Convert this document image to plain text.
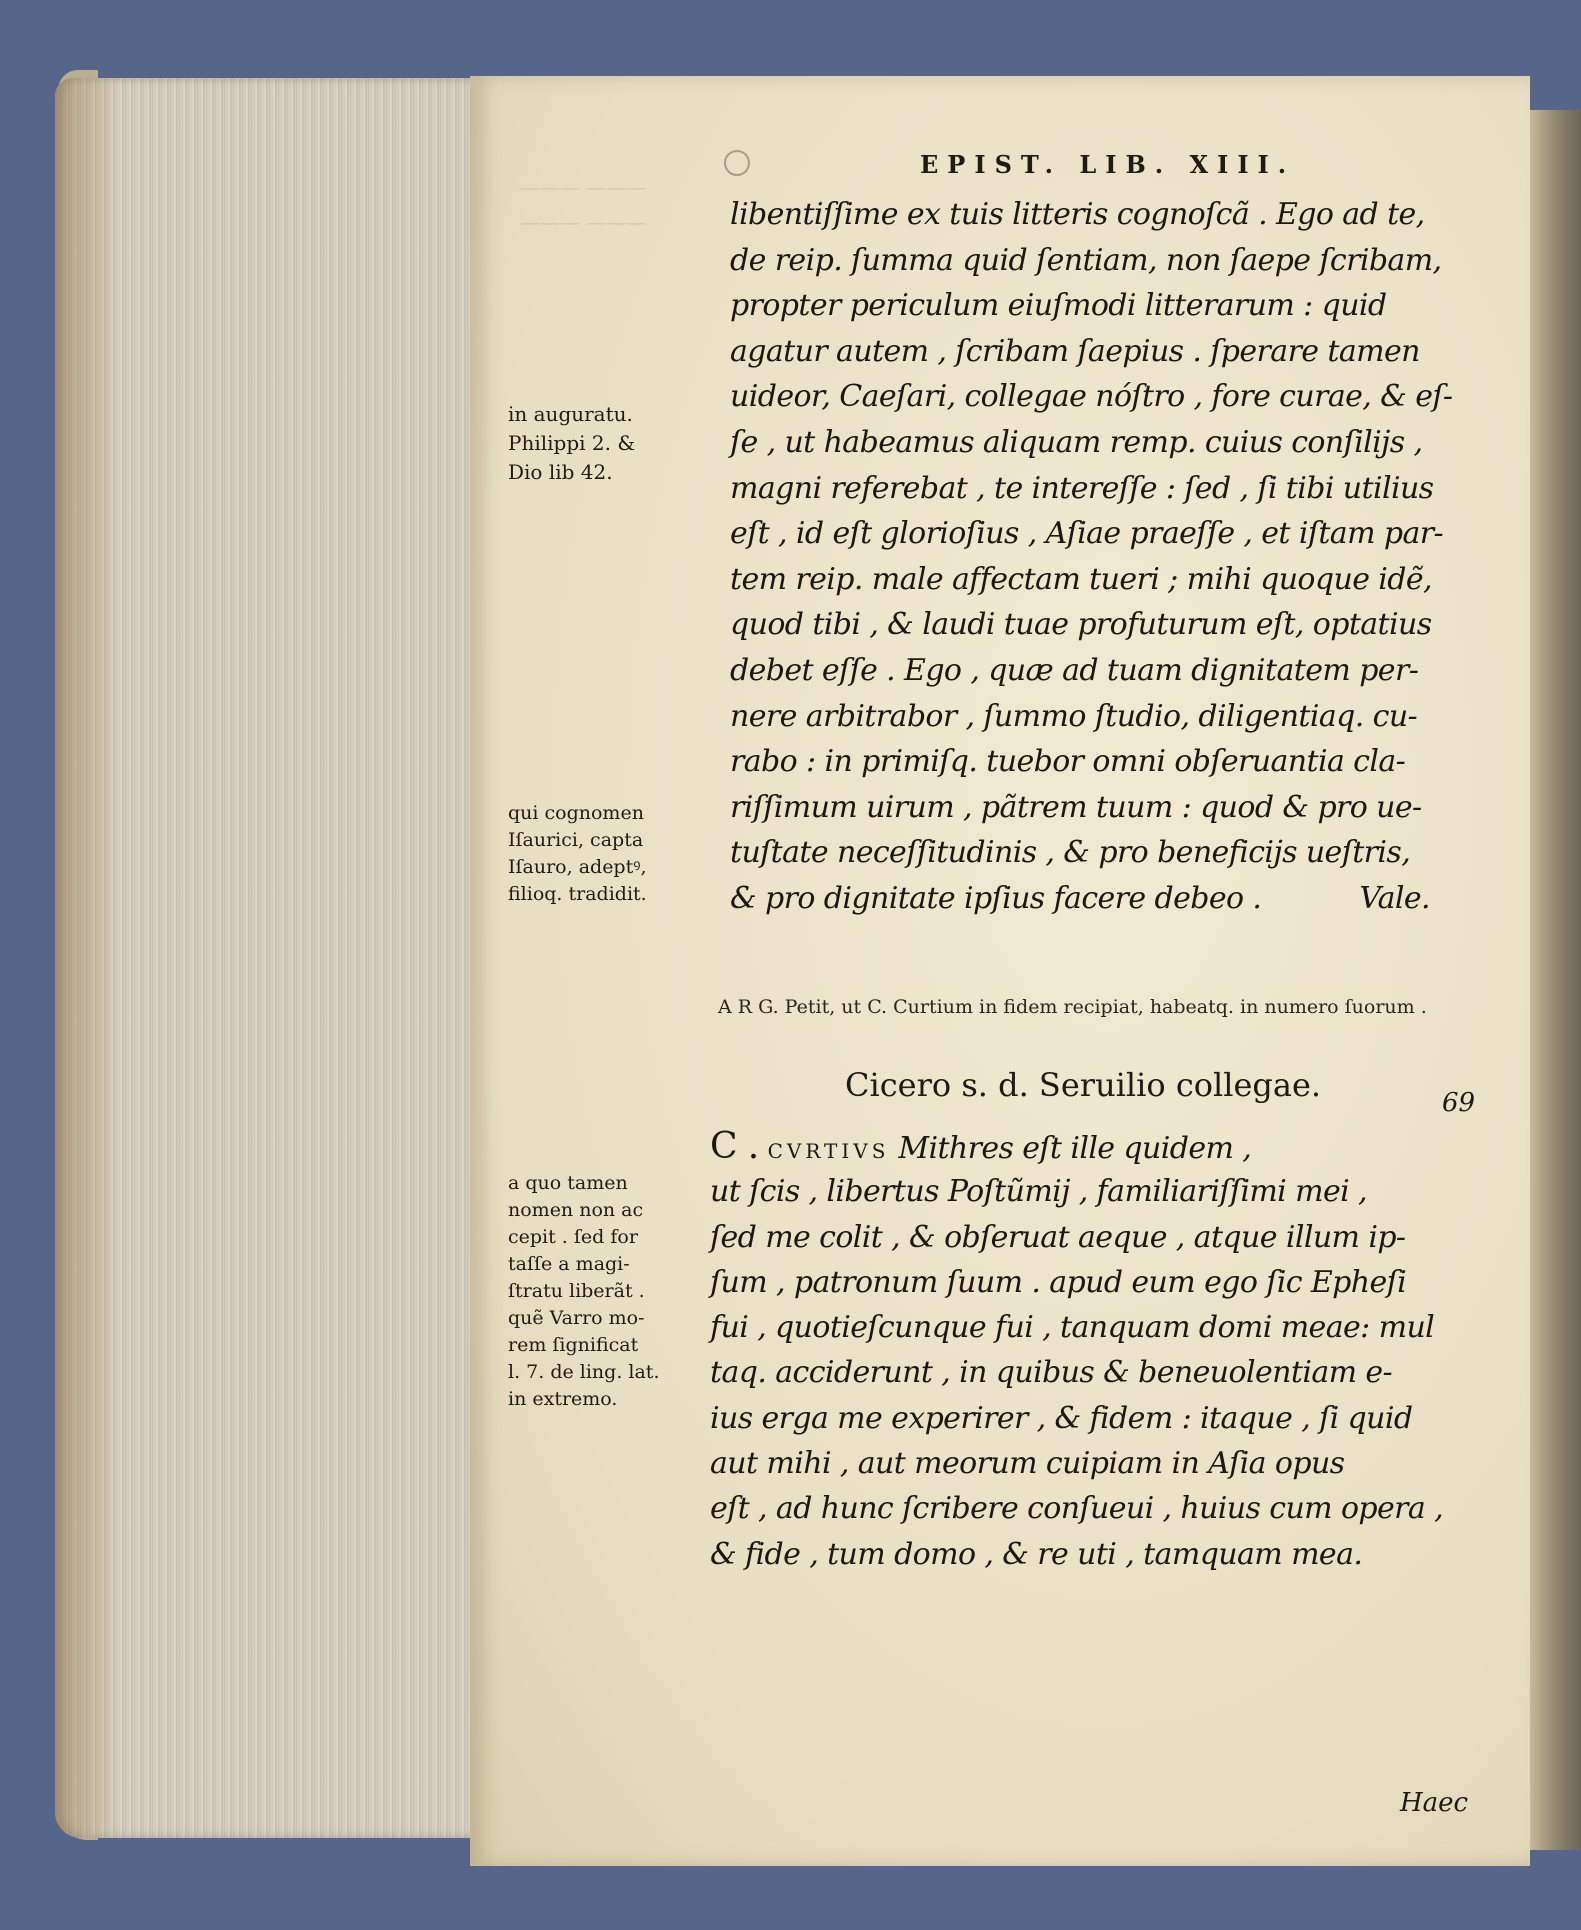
——— ———
——— ———
EPIST. LIB. XIII.
libentiſſime ex tuis litteris cognoſcã . Ego ad te,
de reip. ſumma quid ſentiam, non ſaepe ſcribam,
propter periculum eiuſmodi litterarum : quid
agatur autem , ſcribam ſaepius . ſperare tamen
uideor, Caeſari, collegae nóſtro , fore curae, & eſ-
ſe , ut habeamus aliquam remp. cuius conſilijs ,
magni referebat , te intereſſe : ſed , ſi tibi utilius
eſt , id eſt glorioſius , Aſiae praeſſe , et iſtam par-
tem reip. male affectam tueri ; mihi quoque idẽ,
quod tibi , & laudi tuae profuturum eſt, optatius
debet eſſe . Ego , quæ ad tuam dignitatem per-
nere arbitrabor , ſummo ſtudio, diligentiaq. cu-
rabo : in primiſq. tuebor omni obſeruantia cla-
riſſimum uirum , pãtrem tuum : quod & pro ue-
tuſtate neceſſitudinis , & pro beneficijs ueſtris,
& pro dignitate ipſius facere debeo .	Vale.
A R G. Petit, ut C. Curtium in fidem recipiat, habeatq. in numero ſuorum .
Cicero s. d. Seruilio collegae.	69
C . CVRTIVS Mithres eſt ille quidem ,
ut ſcis , libertus Poſtũmij , familiariſſimi mei ,
ſed me colit , & obſeruat aeque , atque illum ip-
ſum , patronum ſuum . apud eum ego ſic Epheſi
fui , quotieſcunque fui , tanquam domi meae: mul
taq. acciderunt , in quibus & beneuolentiam e-
ius erga me experirer , & fidem : itaque , ſi quid
aut mihi , aut meorum cuipiam in Aſia opus
eſt , ad hunc ſcribere conſueui , huius cum opera ,
& fide , tum domo , & re uti , tamquam mea.
Haec
in auguratu.
Philippi 2. &
Dio lib 42.
qui cognomen
Iſaurici, capta
Iſauro, adeptꝰ,
filioq. tradidit.
a quo tamen
nomen non ac
cepit . ſed for
taſſe a magi-
ſtratu liberãt .
quẽ Varro mo-
rem ſignificat
l. 7. de ling. lat.
in extremo.
